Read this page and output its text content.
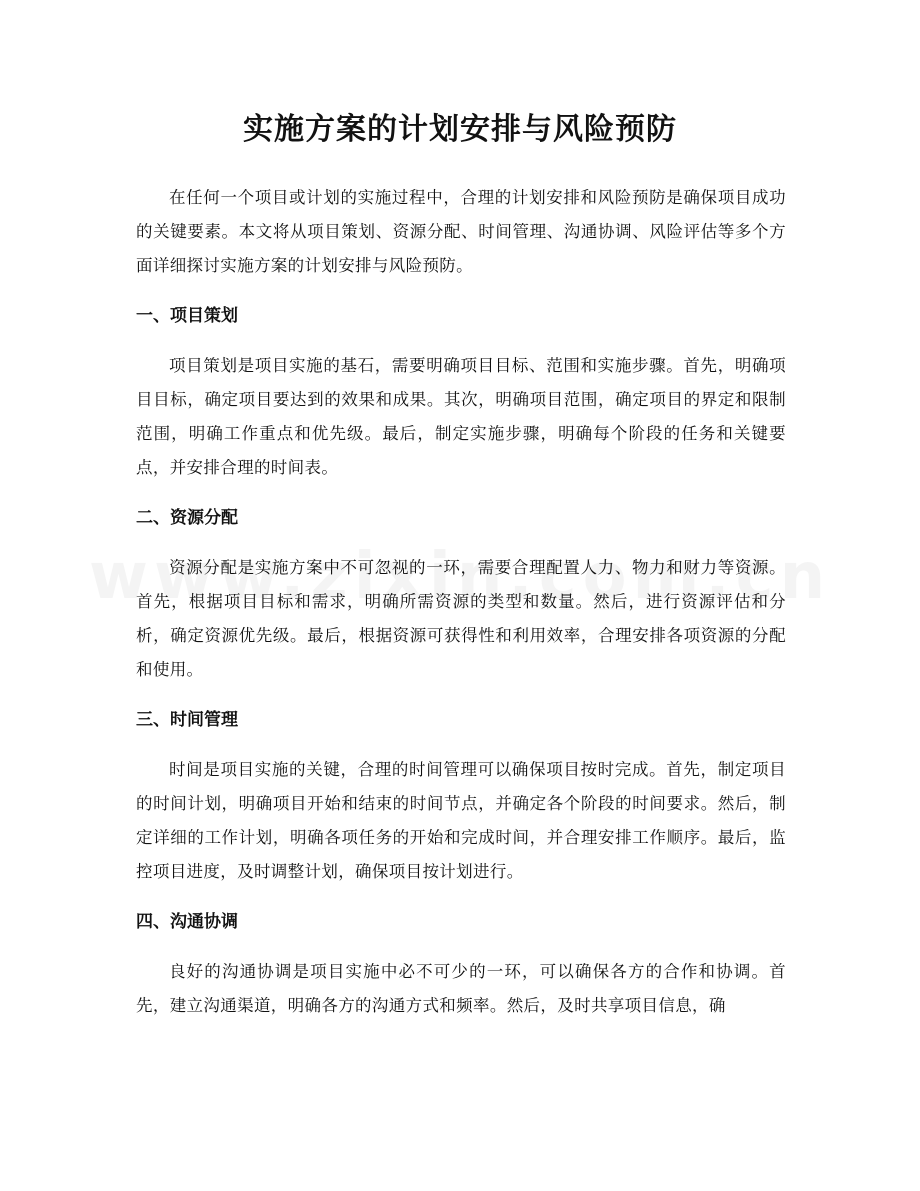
实施方案的计划安排与风险预防

在任何一个项目或计划的实施过程中，合理的计划安排和风险预防是确保项目成功的关键要素。本文将从项目策划、资源分配、时间管理、沟通协调、风险评估等多个方面详细探讨实施方案的计划安排与风险预防。

一、项目策划

项目策划是项目实施的基石，需要明确项目目标、范围和实施步骤。首先，明确项目目标，确定项目要达到的效果和成果。其次，明确项目范围，确定项目的界定和限制范围，明确工作重点和优先级。最后，制定实施步骤，明确每个阶段的任务和关键要点，并安排合理的时间表。

二、资源分配

资源分配是实施方案中不可忽视的一环，需要合理配置人力、物力和财力等资源。首先，根据项目目标和需求，明确所需资源的类型和数量。然后，进行资源评估和分析，确定资源优先级。最后，根据资源可获得性和利用效率，合理安排各项资源的分配和使用。

三、时间管理

时间是项目实施的关键，合理的时间管理可以确保项目按时完成。首先，制定项目的时间计划，明确项目开始和结束的时间节点，并确定各个阶段的时间要求。然后，制定详细的工作计划，明确各项任务的开始和完成时间，并合理安排工作顺序。最后，监控项目进度，及时调整计划，确保项目按计划进行。

四、沟通协调

良好的沟通协调是项目实施中必不可少的一环，可以确保各方的合作和协调。首先，建立沟通渠道，明确各方的沟通方式和频率。然后，及时共享项目信息，确
